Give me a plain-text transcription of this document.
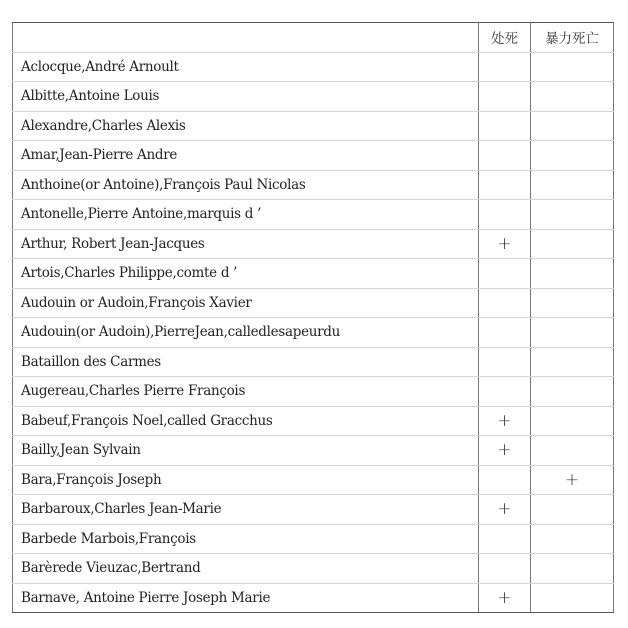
	处死	暴力死亡
Aclocque,André Arnoult		
Albitte,Antoine Louis		
Alexandre,Charles Alexis		
Amar,Jean-Pierre Andre		
Anthoine(or Antoine),François Paul Nicolas		
Antonelle,Pierre Antoine,marquis d ’		
Arthur, Robert Jean-Jacques	+	
Artois,Charles Philippe,comte d ’		
Audouin or Audoin,François Xavier		
Audouin(or Audoin),PierreJean,calledlesapeurdu		
Bataillon des Carmes		
Augereau,Charles Pierre François		
Babeuf,François Noel,called Gracchus	+	
Bailly,Jean Sylvain	+	
Bara,François Joseph		+
Barbaroux,Charles Jean-Marie	+	
Barbede Marbois,François		
Barèrede Vieuzac,Bertrand		
Barnave, Antoine Pierre Joseph Marie	+	
